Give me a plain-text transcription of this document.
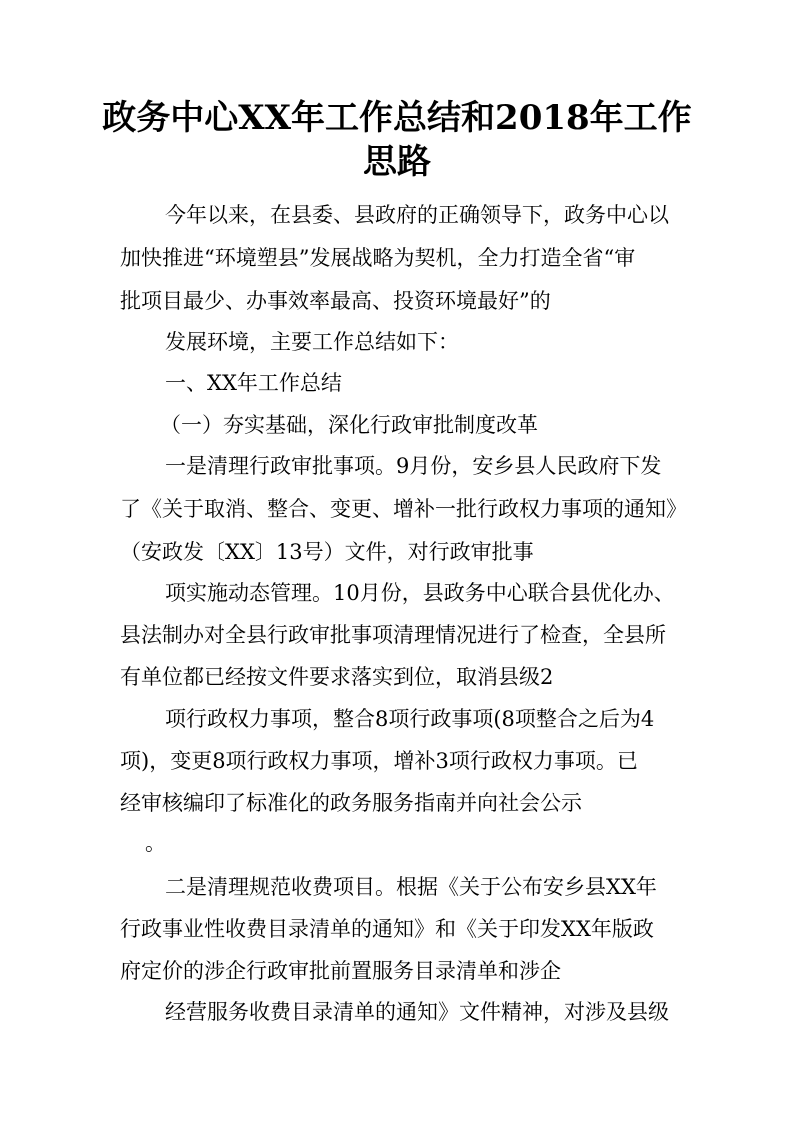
政务中心XX年工作总结和2018年工作
思路

今年以来，在县委、县政府的正确领导下，政务中心以

加快推进“环境塑县”发展战略为契机，全力打造全省“审

批项目最少、办事效率最高、投资环境最好”的

发展环境，主要工作总结如下：

一、XX年工作总结

（一）夯实基础，深化行政审批制度改革

一是清理行政审批事项。9月份，安乡县人民政府下发

了《关于取消、整合、变更、增补一批行政权力事项的通知》

（安政发〔XX〕13号）文件，对行政审批事

项实施动态管理。10月份，县政务中心联合县优化办、

县法制办对全县行政审批事项清理情况进行了检查，全县所

有单位都已经按文件要求落实到位，取消县级2

项行政权力事项，整合8项行政事项(8项整合之后为4

项)，变更8项行政权力事项，增补3项行政权力事项。已

经审核编印了标准化的政务服务指南并向社会公示

。

二是清理规范收费项目。根据《关于公布安乡县XX年

行政事业性收费目录清单的通知》和《关于印发XX年版政

府定价的涉企行政审批前置服务目录清单和涉企

经营服务收费目录清单的通知》文件精神，对涉及县级
